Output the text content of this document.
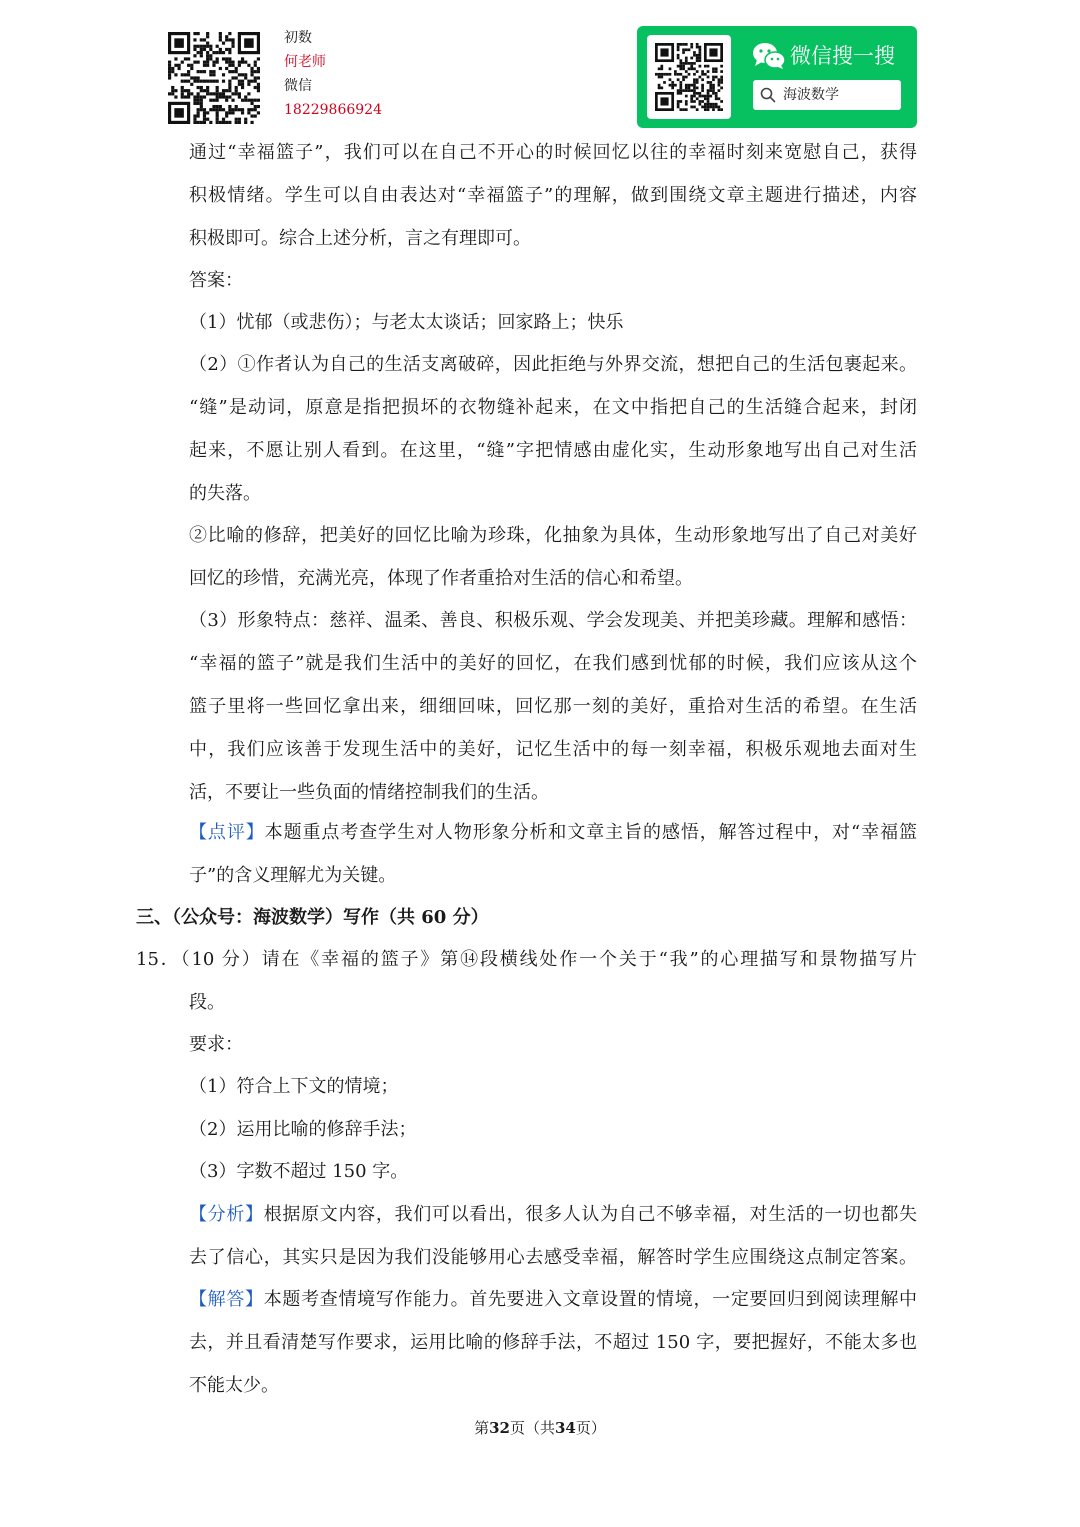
初数
何老师
微信
18229866924
微信搜一搜
海波数学
通过“幸福篮子”，我们可以在自己不开心的时候回忆以往的幸福时刻来宽慰自己，获得
积极情绪。学生可以自由表达对“幸福篮子”的理解，做到围绕文章主题进行描述，内容
积极即可。综合上述分析，言之有理即可。
答案：
（1）忧郁（或悲伤）；与老太太谈话；回家路上；快乐
（2）①作者认为自己的生活支离破碎，因此拒绝与外界交流，想把自己的生活包裹起来。
“缝”是动词，原意是指把损坏的衣物缝补起来，在文中指把自己的生活缝合起来，封闭
起来，不愿让别人看到。在这里，“缝”字把情感由虚化实，生动形象地写出自己对生活
的失落。
②比喻的修辞，把美好的回忆比喻为珍珠，化抽象为具体，生动形象地写出了自己对美好
回忆的珍惜，充满光亮，体现了作者重拾对生活的信心和希望。
（3）形象特点：慈祥、温柔、善良、积极乐观、学会发现美、并把美珍藏。理解和感悟：
“幸福的篮子”就是我们生活中的美好的回忆，在我们感到忧郁的时候，我们应该从这个
篮子里将一些回忆拿出来，细细回味，回忆那一刻的美好，重拾对生活的希望。在生活
中，我们应该善于发现生活中的美好，记忆生活中的每一刻幸福，积极乐观地去面对生
活，不要让一些负面的情绪控制我们的生活。
【点评】本题重点考查学生对人物形象分析和文章主旨的感悟，解答过程中，对“幸福篮
子”的含义理解尤为关键。
三、（公众号：海波数学）写作（共 60 分）
15．（10 分）请在《幸福的篮子》第⑭段横线处作一个关于“我”的心理描写和景物描写片
段。
要求：
（1）符合上下文的情境；
（2）运用比喻的修辞手法；
（3）字数不超过 150 字。
【分析】根据原文内容，我们可以看出，很多人认为自己不够幸福，对生活的一切也都失
去了信心，其实只是因为我们没能够用心去感受幸福，解答时学生应围绕这点制定答案。
【解答】本题考查情境写作能力。首先要进入文章设置的情境，一定要回归到阅读理解中
去，并且看清楚写作要求，运用比喻的修辞手法，不超过 150 字，要把握好，不能太多也
不能太少。
第32页（共34页）
